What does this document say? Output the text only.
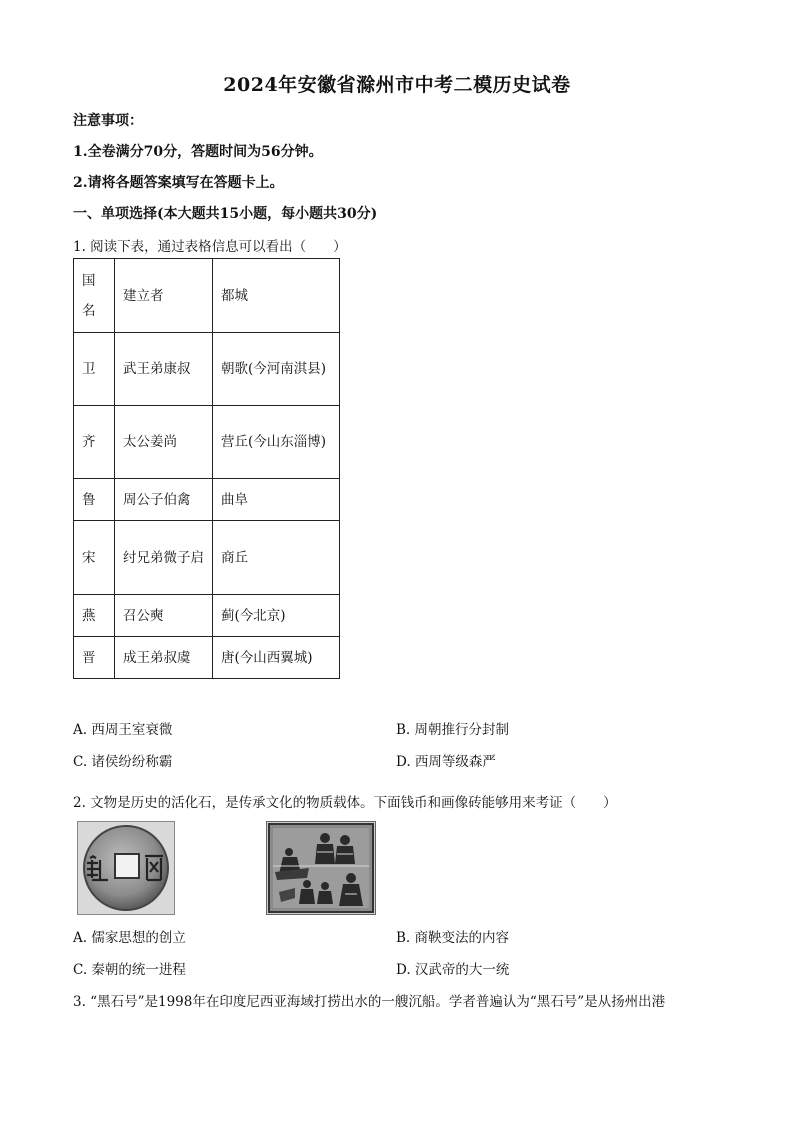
2024年安徽省滁州市中考二模历史试卷
注意事项：
1.全卷满分70分，答题时间为56分钟。
2.请将各题答案填写在答题卡上。
一、单项选择(本大题共15小题，每小题共30分)
1. 阅读下表，通过表格信息可以看出（　　）
国名	建立者	都城
卫	武王弟康叔	朝歌(今河南淇县)
齐	太公姜尚	营丘(今山东淄博)
鲁	周公子伯禽	曲阜
宋	纣兄弟微子启	商丘
燕	召公奭	蓟(今北京)
晋	成王弟叔虞	唐(今山西翼城)
A. 西周王室衰微	B. 周朝推行分封制
C. 诸侯纷纷称霸	D. 西周等级森严
2. 文物是历史的活化石，是传承文化的物质载体。下面钱币和画像砖能够用来考证（　　）
A. 儒家思想的创立	B. 商鞅变法的内容
C. 秦朝的统一进程	D. 汉武帝的大一统
3. “黑石号”是1998年在印度尼西亚海域打捞出水的一艘沉船。学者普遍认为“黑石号”是从扬州出港
